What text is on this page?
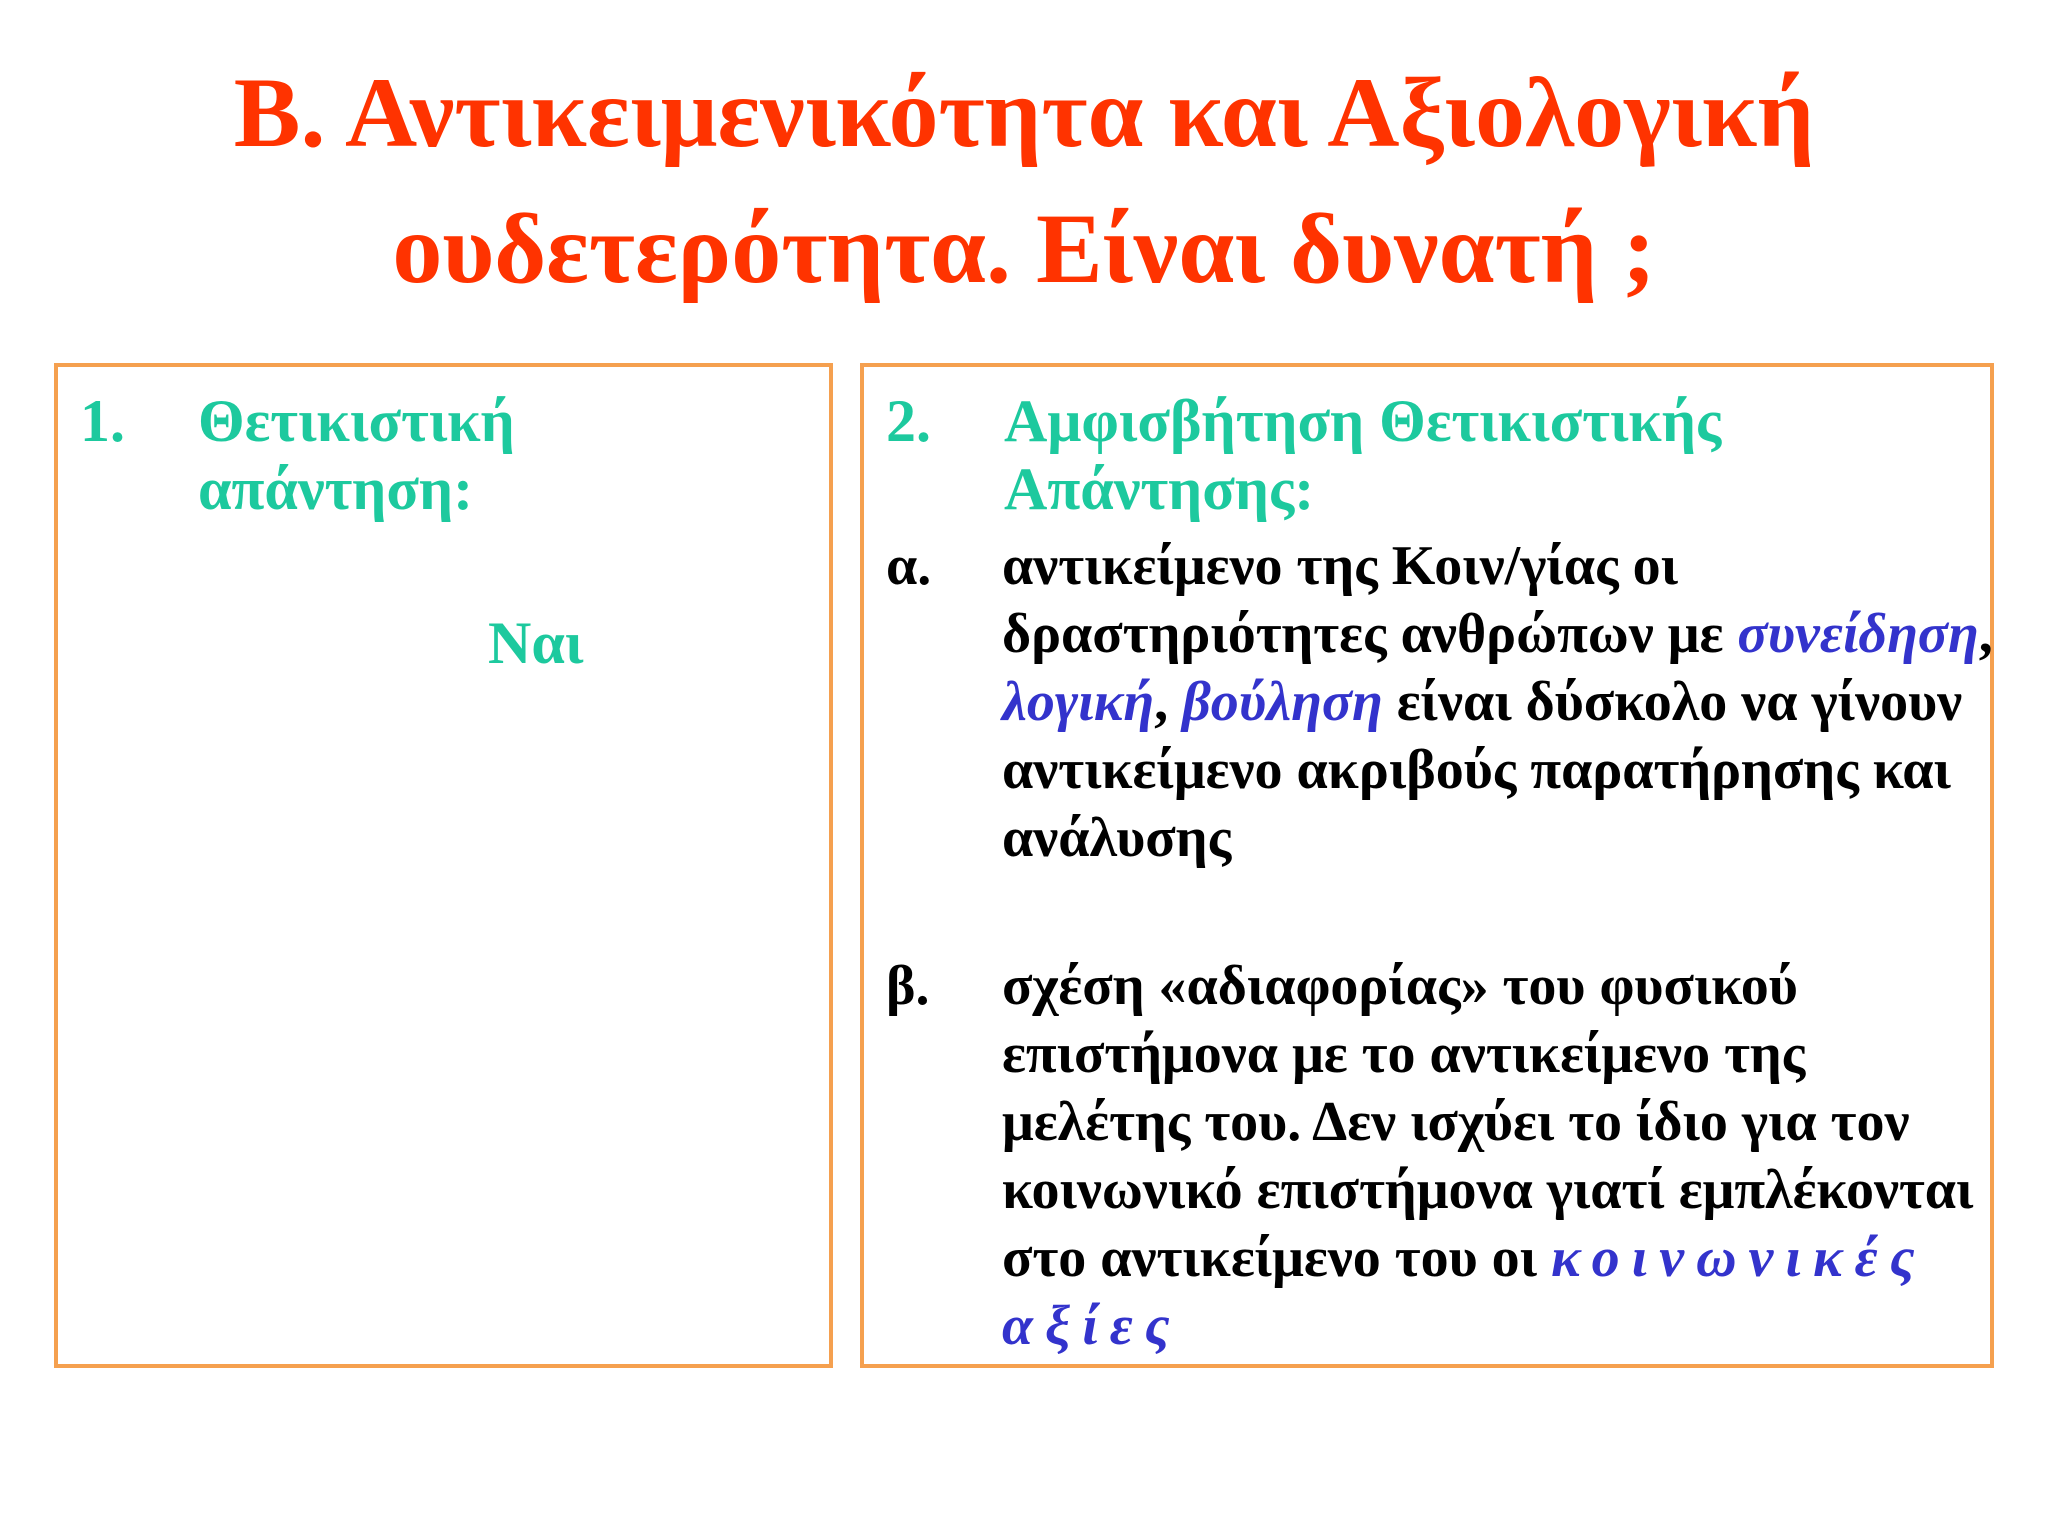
Β. Αντικειμενικότητα και Αξιολογική
ουδετερότητα. Είναι δυνατή ;
1. Θετικιστική
απάντηση:
Ναι
2. Αμφισβήτηση Θετικιστικής
Απάντησης:
α. αντικείμενο της Κοιν/γίας οι δραστηριότητες ανθρώπων με συνείδηση, λογική, βούληση είναι δύσκολο να γίνουν αντικείμενο ακριβούς παρατήρησης και ανάλυσης
β. σχέση «αδιαφορίας» του φυσικού επιστήμονα με το αντικείμενο της μελέτης του. Δεν ισχύει το ίδιο για τον κοινωνικό επιστήμονα γιατί εμπλέκονται στο αντικείμενο του οι κοινωνικές αξίες
